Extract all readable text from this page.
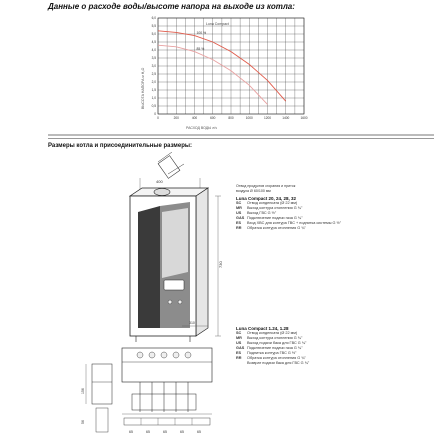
Данные о расходе воды/высоте напора на выходе из котла:
6,0
5,5
5,0
4,5
4,0
3,5
3,0
2,5
2,0
1,5
1,0
0,5
0
0	200	400	600	800	1000	1200	1400	1600
100 %
85 %
ВЫСОТА НАПОРА м Н₂О
Luna Compact
РАСХОД ВОДЫ л/ч
Размеры котла и присоединительные размеры:
730
400
Отвод продуктов сгорания и приток воздуха Ø 60/100 мм
Luna Compact 20, 24, 28, 32
SC Отвод конденсата (Ø 22 мм)
MR Выход контура отопления G ¾"
US Выход ГВС G ½"
GAS Подключение подачи газа G ¾"
ES Вход ХВС для контура ГВС + подпитка системы G ½"
RR Обратка контура отопления G ¾"
Luna Compact 1.24, 1.28
SC Отвод конденсата (Ø 22 мм)
MR Выход контура отопления G ¾"
US Выход подачи бака для ГВС G ¾"
GAS Подключение подачи газа G ¾"
ES Подпитка контура ГВС G ½"
RR Обратка контура отопления G ¾"
Возврат подачи бака для ГВС G ¾"
65	65	65	65	65
156
56
310
